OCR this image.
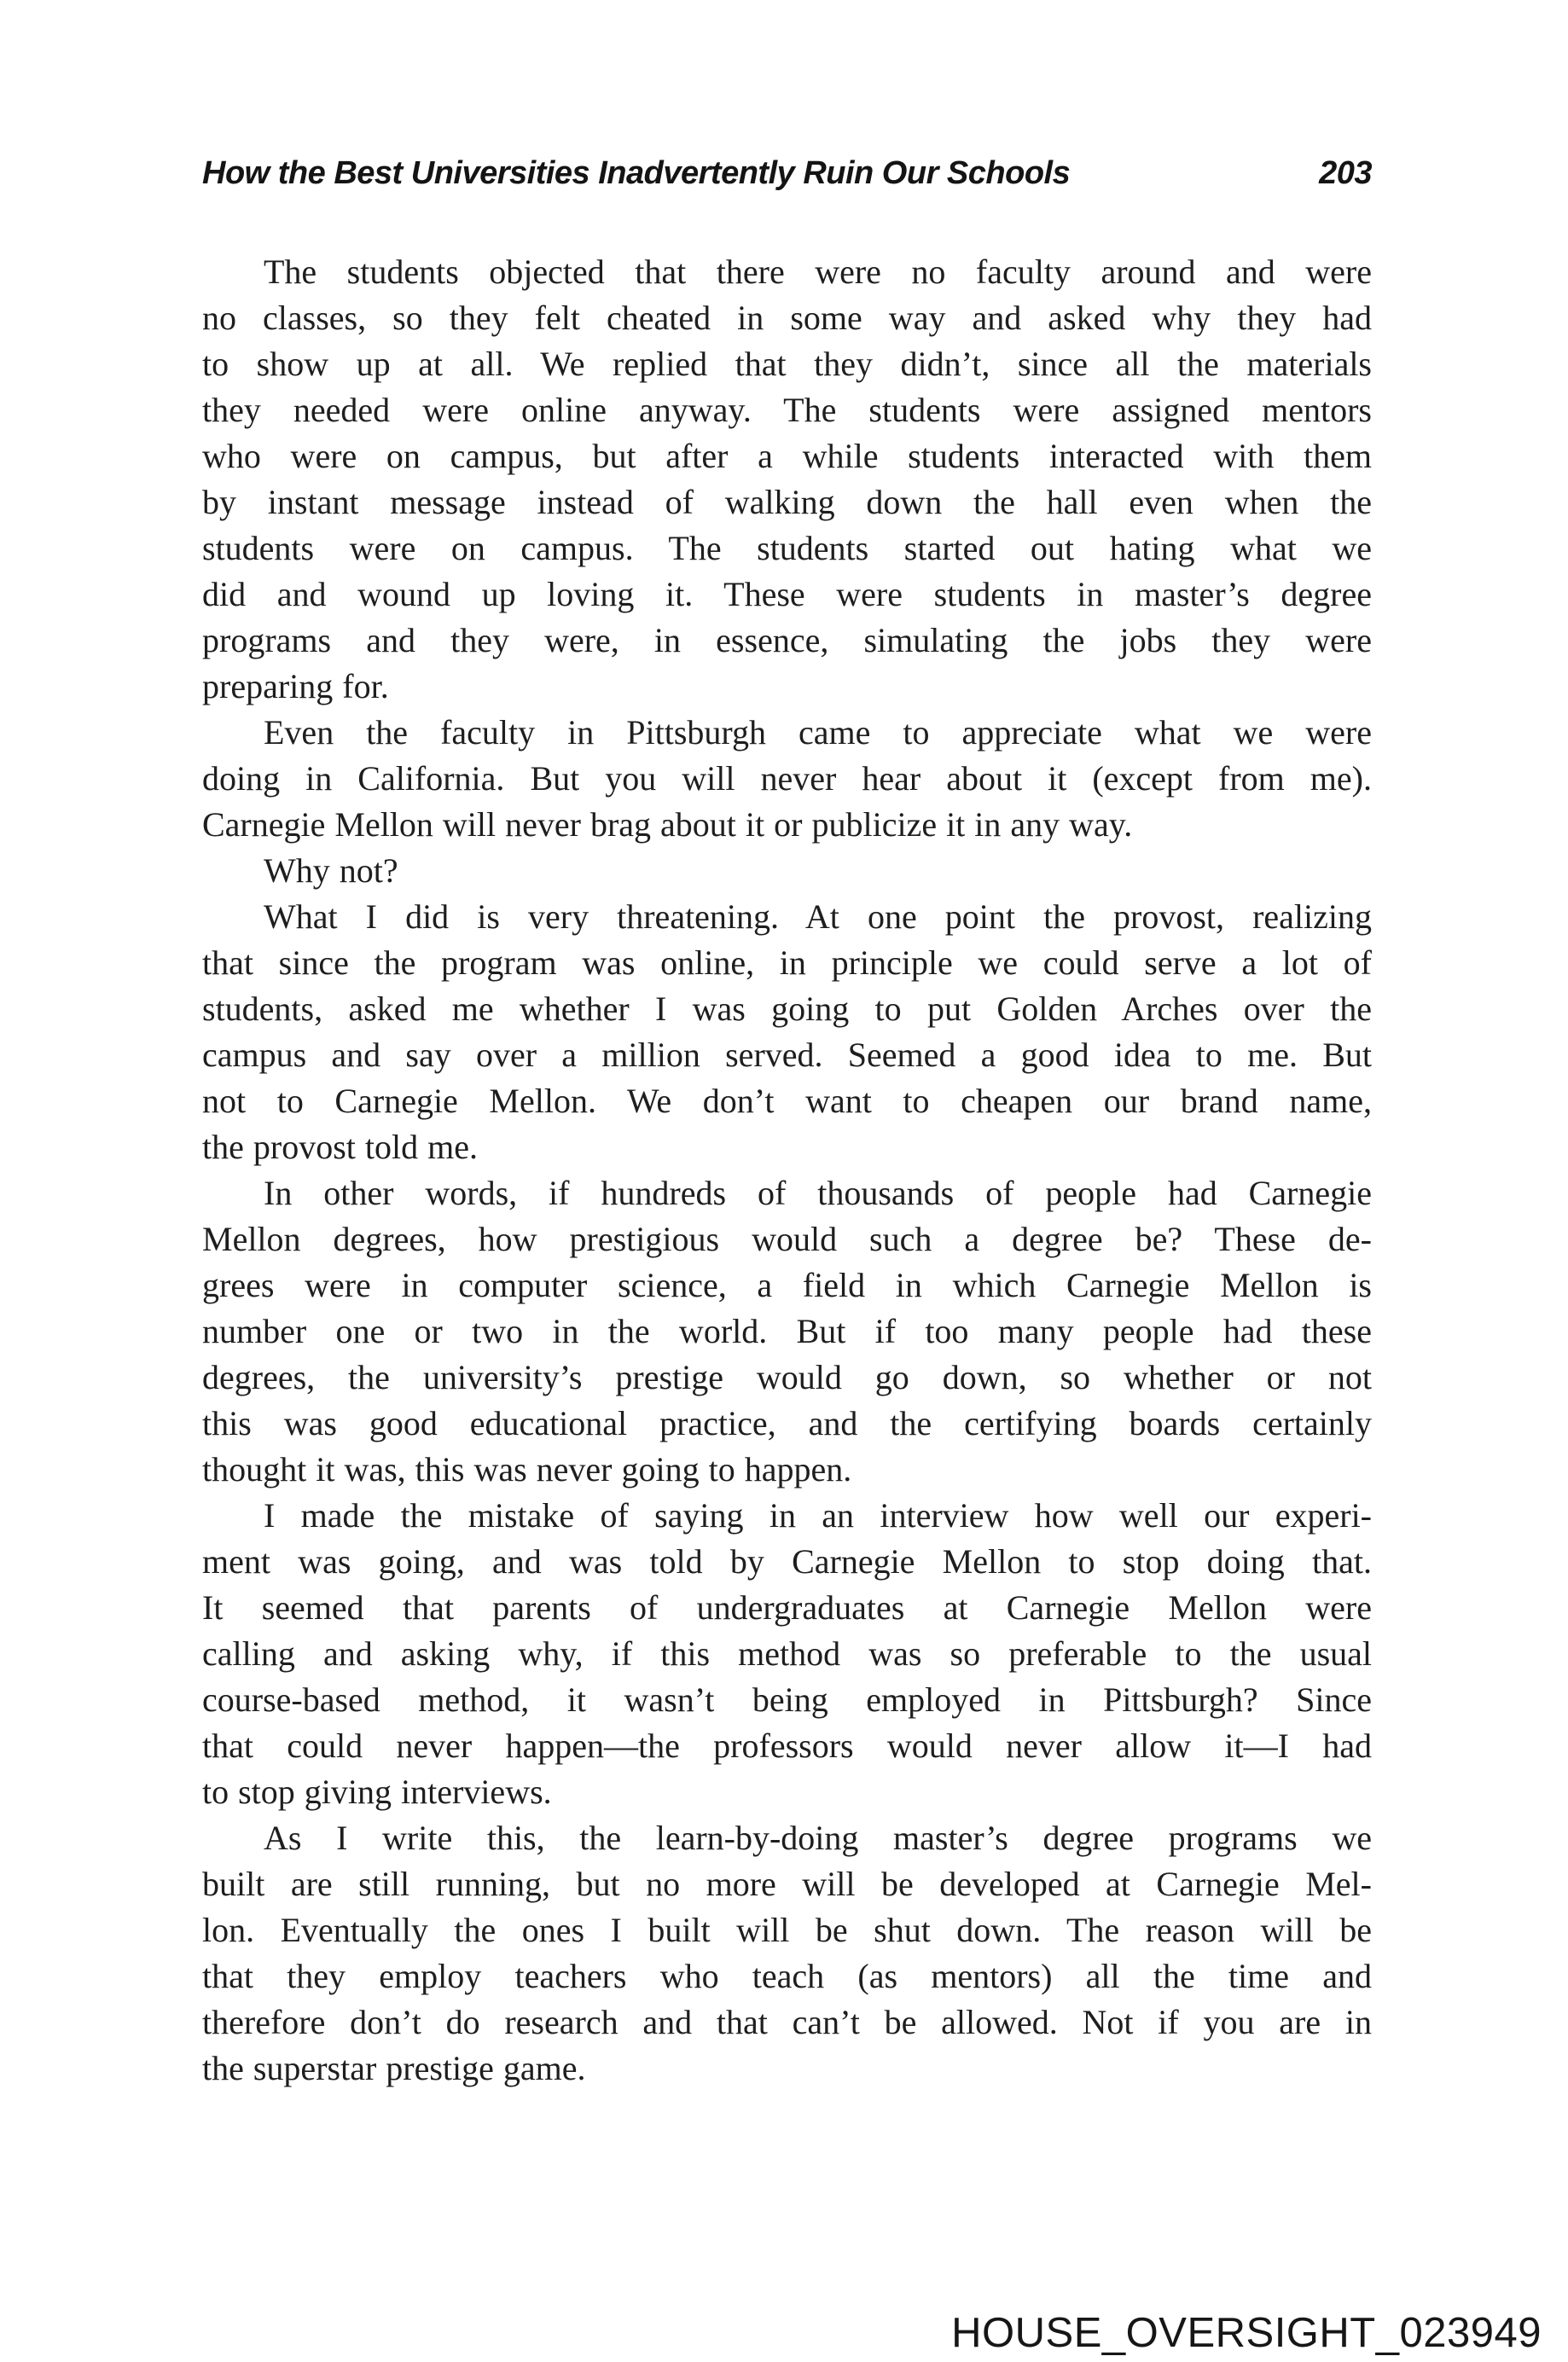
How the Best Universities Inadvertently Ruin Our Schools	203
The students objected that there were no faculty around and were
no classes, so they felt cheated in some way and asked why they had
to show up at all. We replied that they didn’t, since all the materials
they needed were online anyway. The students were assigned mentors
who were on campus, but after a while students interacted with them
by instant message instead of walking down the hall even when the
students were on campus. The students started out hating what we
did and wound up loving it. These were students in master’s degree
programs and they were, in essence, simulating the jobs they were
preparing for.
Even the faculty in Pittsburgh came to appreciate what we were
doing in California. But you will never hear about it (except from me).
Carnegie Mellon will never brag about it or publicize it in any way.
Why not?
What I did is very threatening. At one point the provost, realizing
that since the program was online, in principle we could serve a lot of
students, asked me whether I was going to put Golden Arches over the
campus and say over a million served. Seemed a good idea to me. But
not to Carnegie Mellon. We don’t want to cheapen our brand name,
the provost told me.
In other words, if hundreds of thousands of people had Carnegie
Mellon degrees, how prestigious would such a degree be? These de-
grees were in computer science, a field in which Carnegie Mellon is
number one or two in the world. But if too many people had these
degrees, the university’s prestige would go down, so whether or not
this was good educational practice, and the certifying boards certainly
thought it was, this was never going to happen.
I made the mistake of saying in an interview how well our experi-
ment was going, and was told by Carnegie Mellon to stop doing that.
It seemed that parents of undergraduates at Carnegie Mellon were
calling and asking why, if this method was so preferable to the usual
course-based method, it wasn’t being employed in Pittsburgh? Since
that could never happen—the professors would never allow it—I had
to stop giving interviews.
As I write this, the learn-by-doing master’s degree programs we
built are still running, but no more will be developed at Carnegie Mel-
lon. Eventually the ones I built will be shut down. The reason will be
that they employ teachers who teach (as mentors) all the time and
therefore don’t do research and that can’t be allowed. Not if you are in
the superstar prestige game.
HOUSE_OVERSIGHT_023949
